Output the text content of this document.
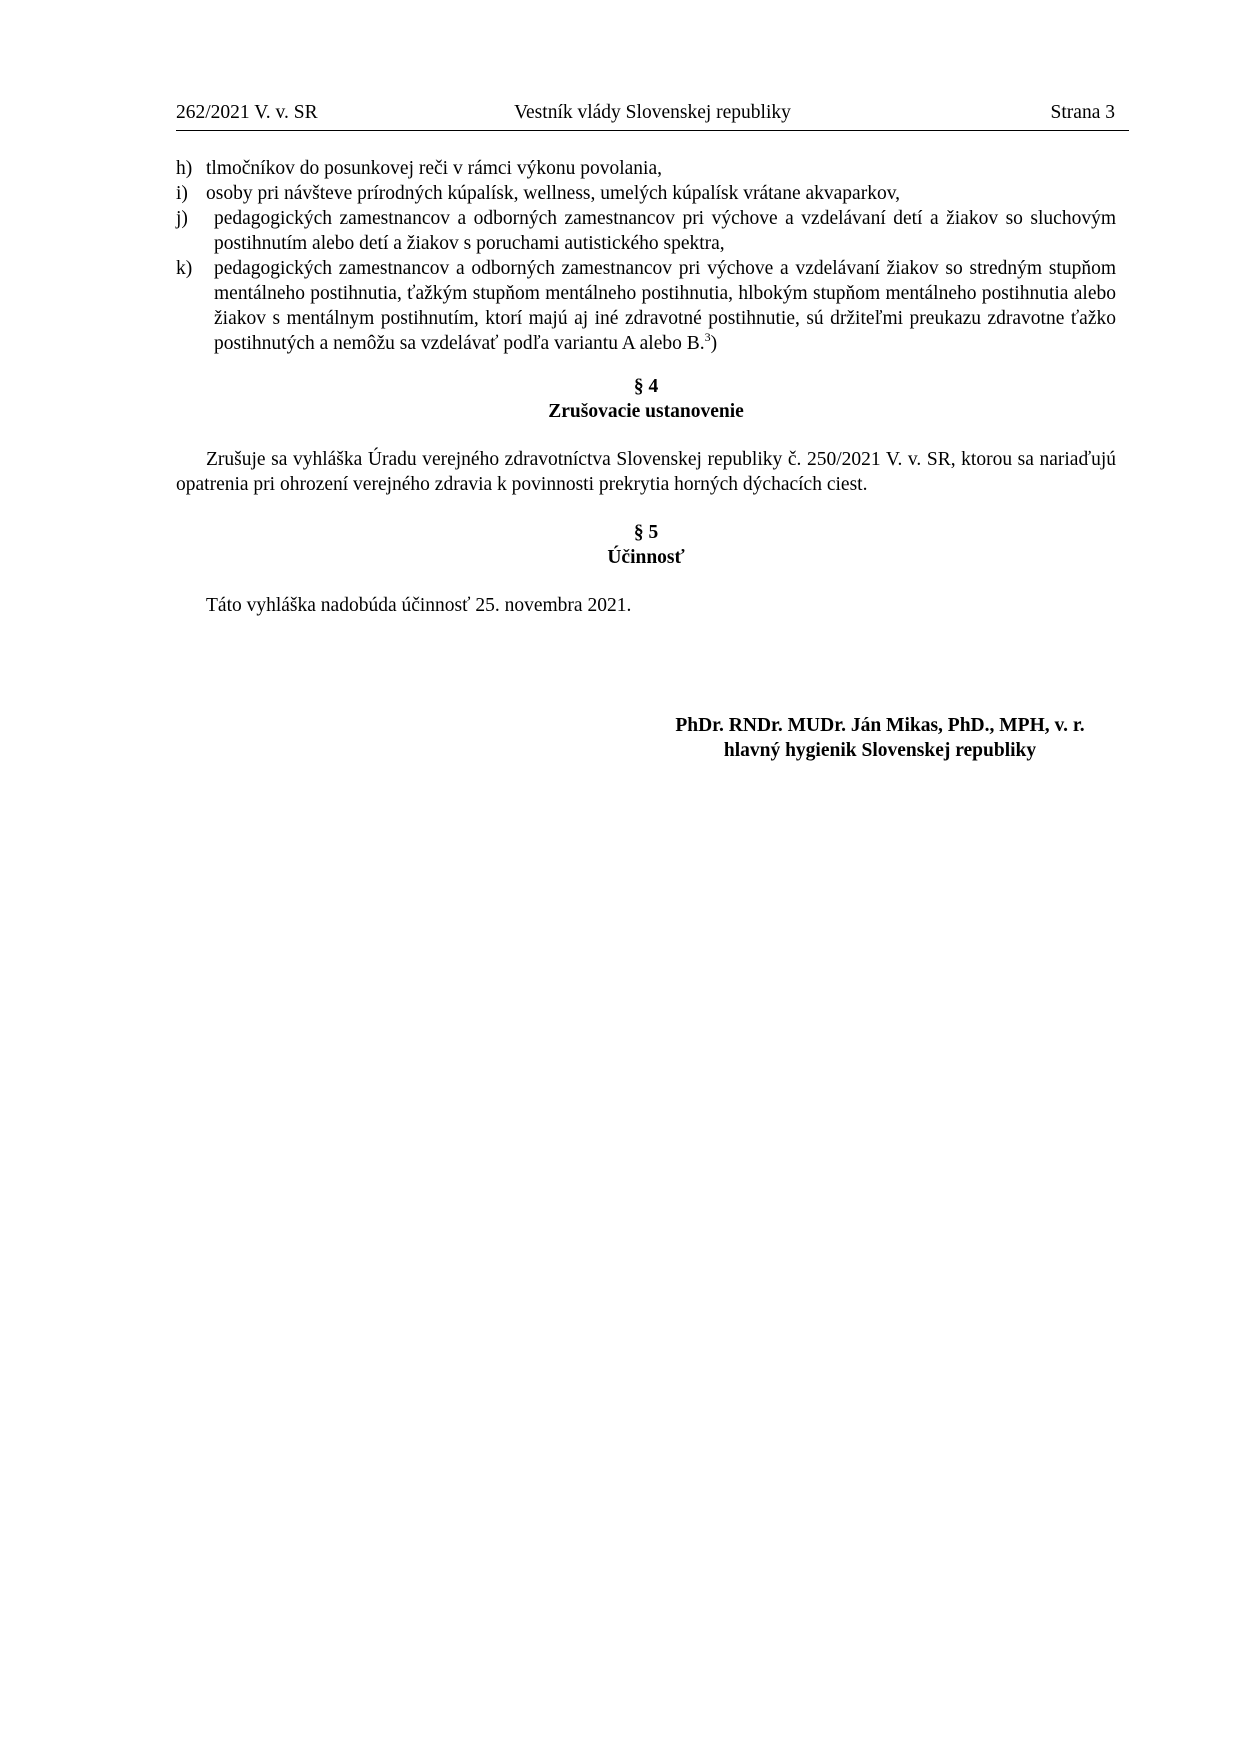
262/2021 V. v. SR	Vestník vlády Slovenskej republiky	Strana 3
h) tlmočníkov do posunkovej reči v rámci výkonu povolania,
i) osoby pri návšteve prírodných kúpalísk, wellness, umelých kúpalísk vrátane akvaparkov,
j) pedagogických zamestnancov a odborných zamestnancov pri výchove a vzdelávaní detí a žiakov so sluchovým postihnutím alebo detí a žiakov s poruchami autistického spektra,
k) pedagogických zamestnancov a odborných zamestnancov pri výchove a vzdelávaní žiakov so stredným stupňom mentálneho postihnutia, ťažkým stupňom mentálneho postihnutia, hlbokým stupňom mentálneho postihnutia alebo žiakov s mentálnym postihnutím, ktorí majú aj iné zdravotné postihnutie, sú držiteľmi preukazu zdravotne ťažko postihnutých a nemôžu sa vzdelávať podľa variantu A alebo B.$^3$)
§ 4
Zrušovacie ustanovenie
Zrušuje sa vyhláška Úradu verejného zdravotníctva Slovenskej republiky č. 250/2021 V. v. SR, ktorou sa nariaďujú opatrenia pri ohrození verejného zdravia k povinnosti prekrytia horných dýchacích ciest.
§ 5
Účinnosť
Táto vyhláška nadobúda účinnosť 25. novembra 2021.
PhDr. RNDr. MUDr. Ján Mikas, PhD., MPH, v. r.
hlavný hygienik Slovenskej republiky
